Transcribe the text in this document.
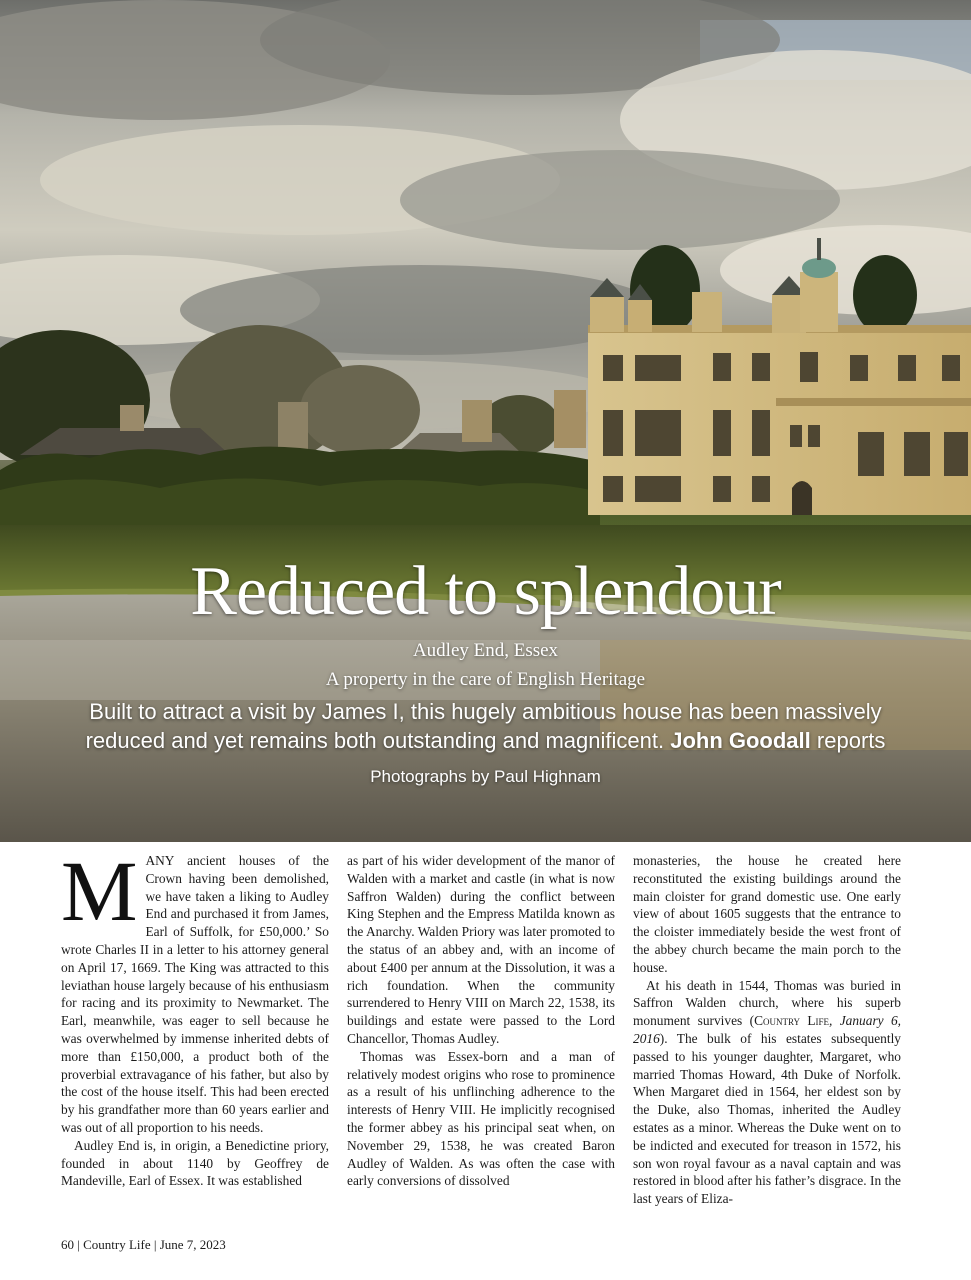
Reduced to splendour
Audley End, Essex
A property in the care of English Heritage
Built to attract a visit by James I, this hugely ambitious house has been massively reduced and yet remains both outstanding and magnificent. John Goodall reports
Photographs by Paul Highnam

MANY ancient houses of the Crown having been demolished, we have taken a liking to Audley End and purchased it from James, Earl of Suffolk, for £50,000.’ So wrote Charles II in a letter to his attorney general on April 17, 1669. The King was attracted to this leviathan house largely because of his enthusiasm for racing and its proximity to Newmarket. The Earl, meanwhile, was eager to sell because he was overwhelmed by immense inherited debts of more than £150,000, a product both of the proverbial extravagance of his father, but also by the cost of the house itself. This had been erected by his grandfather more than 60 years earlier and was out of all proportion to his needs.

Audley End is, in origin, a Benedictine priory, founded in about 1140 by Geoffrey de Mandeville, Earl of Essex. It was established

as part of his wider development of the manor of Walden with a market and castle (in what is now Saffron Walden) during the conflict between King Stephen and the Empress Matilda known as the Anarchy. Walden Priory was later promoted to the status of an abbey and, with an income of about £400 per annum at the Dissolution, it was a rich foundation. When the community surrendered to Henry VIII on March 22, 1538, its buildings and estate were passed to the Lord Chancellor, Thomas Audley.

Thomas was Essex-born and a man of relatively modest origins who rose to prominence as a result of his unflinching adherence to the interests of Henry VIII. He implicitly recognised the former abbey as his principal seat when, on November 29, 1538, he was created Baron Audley of Walden. As was often the case with early conversions of dissolved

monasteries, the house he created here reconstituted the existing buildings around the main cloister for grand domestic use. One early view of about 1605 suggests that the entrance to the cloister immediately beside the west front of the abbey church became the main porch to the house.

At his death in 1544, Thomas was buried in Saffron Walden church, where his superb monument survives (Country Life, January 6, 2016). The bulk of his estates subsequently passed to his younger daughter, Margaret, who married Thomas Howard, 4th Duke of Norfolk. When Margaret died in 1564, her eldest son by the Duke, also Thomas, inherited the Audley estates as a minor. Whereas the Duke went on to be indicted and executed for treason in 1572, his son won royal favour as a naval captain and was restored in blood after his father’s disgrace. In the last years of Eliza-

60 | Country Life | June 7, 2023
